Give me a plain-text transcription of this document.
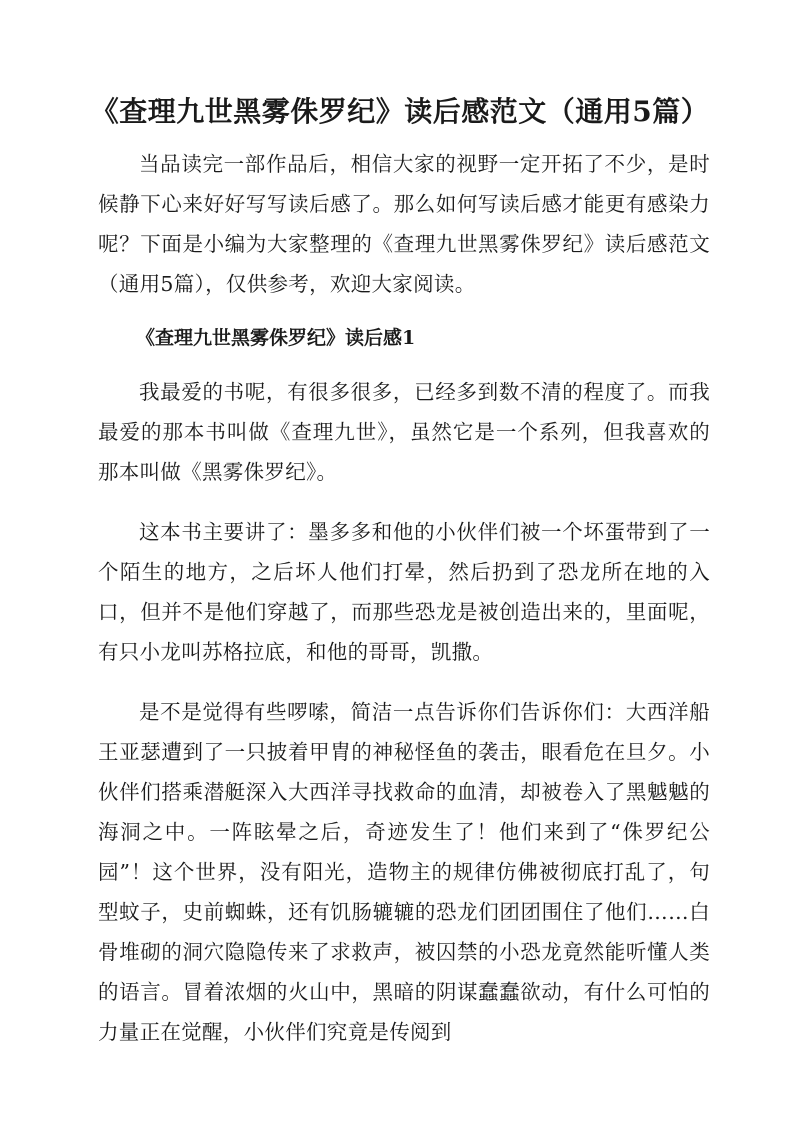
《查理九世黑雾侏罗纪》读后感范文（通用5篇）

当品读完一部作品后，相信大家的视野一定开拓了不少，是时候静下心来好好写写读后感了。那么如何写读后感才能更有感染力呢？下面是小编为大家整理的《查理九世黑雾侏罗纪》读后感范文（通用5篇），仅供参考，欢迎大家阅读。

《查理九世黑雾侏罗纪》读后感1

我最爱的书呢，有很多很多，已经多到数不清的程度了。而我最爱的那本书叫做《查理九世》，虽然它是一个系列，但我喜欢的那本叫做《黑雾侏罗纪》。

这本书主要讲了：墨多多和他的小伙伴们被一个坏蛋带到了一个陌生的地方，之后坏人他们打晕，然后扔到了恐龙所在地的入口，但并不是他们穿越了，而那些恐龙是被创造出来的，里面呢，有只小龙叫苏格拉底，和他的哥哥，凯撒。

是不是觉得有些啰嗦，简洁一点告诉你们告诉你们：大西洋船王亚瑟遭到了一只披着甲胄的神秘怪鱼的袭击，眼看危在旦夕。小伙伴们搭乘潜艇深入大西洋寻找救命的血清，却被卷入了黑魆魆的海洞之中。一阵眩晕之后，奇迹发生了！他们来到了“侏罗纪公园”！这个世界，没有阳光，造物主的规律仿佛被彻底打乱了，句型蚊子，史前蜘蛛，还有饥肠辘辘的恐龙们团团围住了他们……白骨堆砌的洞穴隐隐传来了求救声，被囚禁的小恐龙竟然能听懂人类的语言。冒着浓烟的火山中，黑暗的阴谋蠢蠢欲动，有什么可怕的力量正在觉醒，小伙伴们究竟是传阅到
